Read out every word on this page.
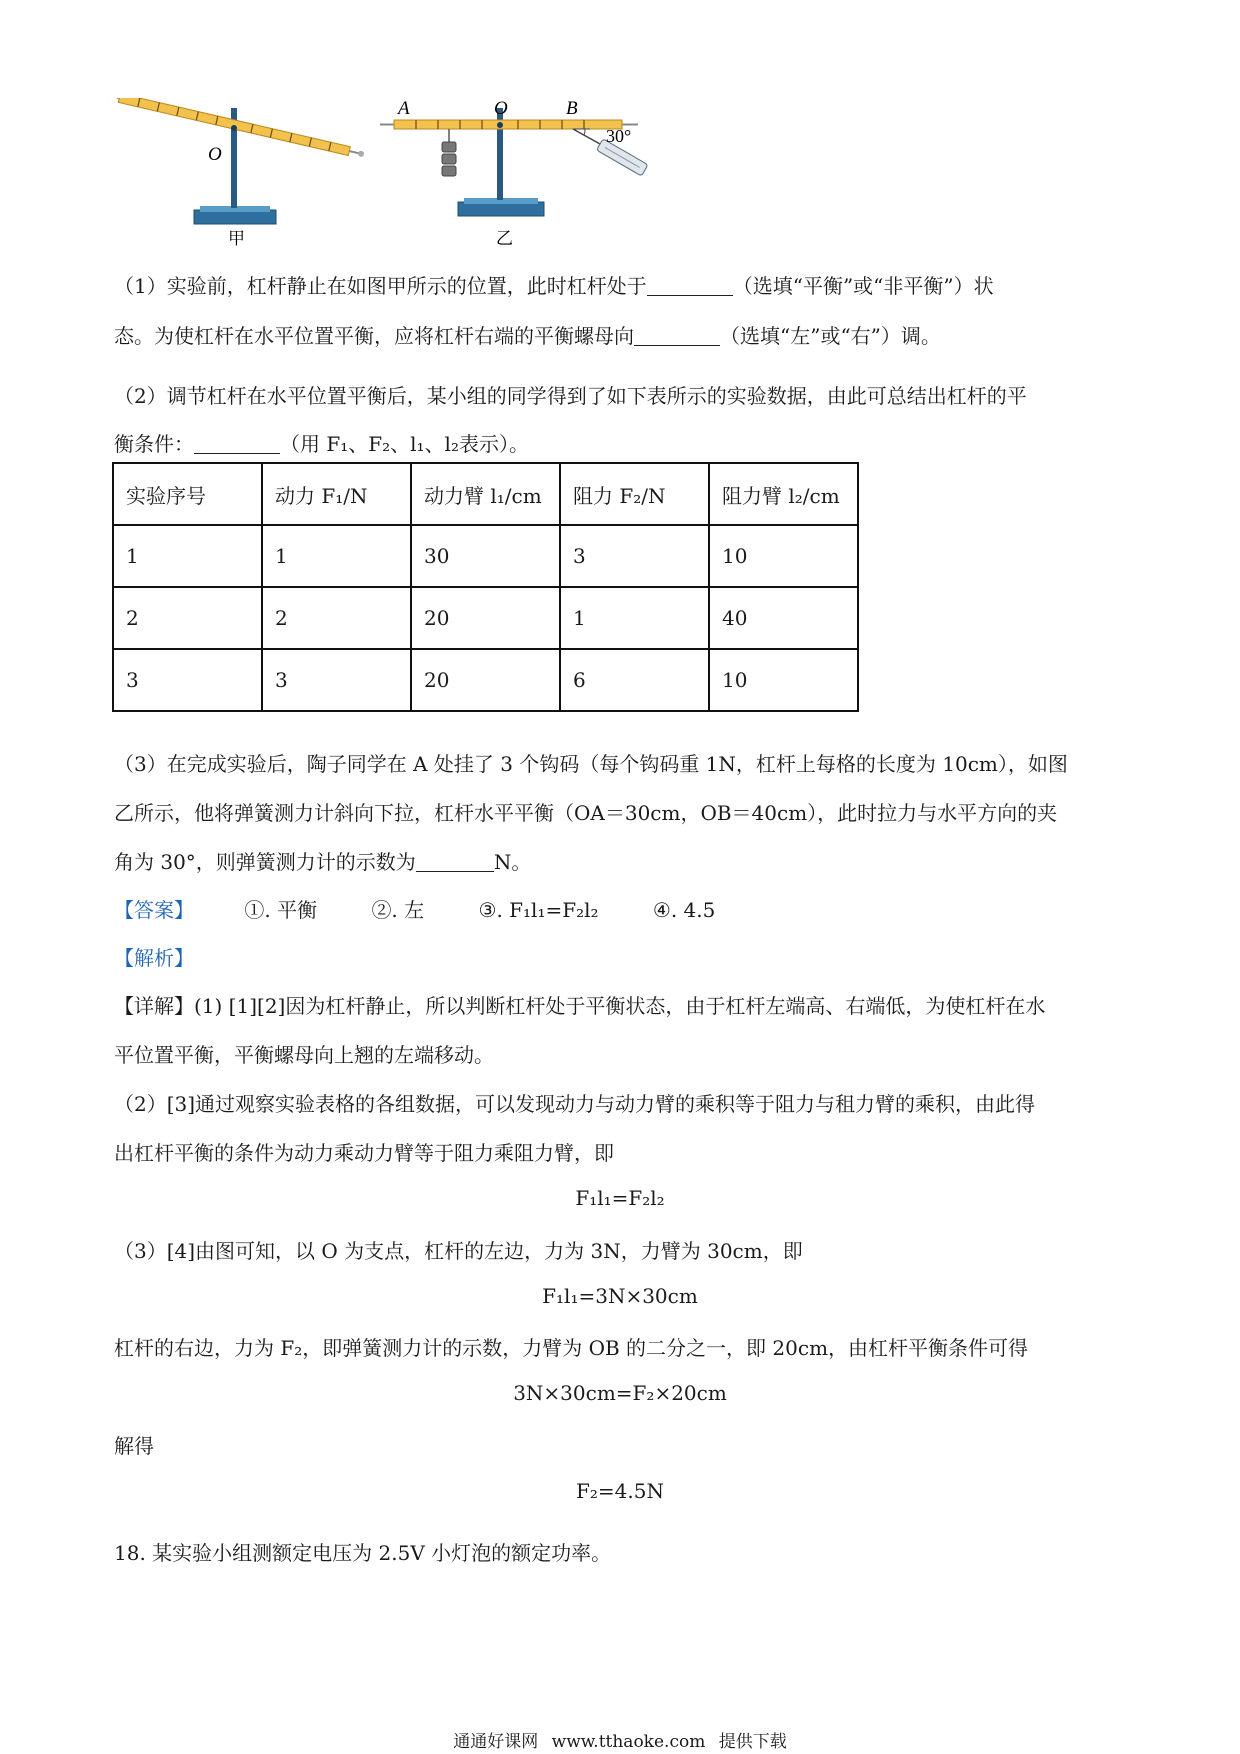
O
甲
A	O	B
30°
乙
（1）实验前，杠杆静止在如图甲所示的位置，此时杠杆处于	（选填“平衡”或“非平衡”）状
态。为使杠杆在水平位置平衡，应将杠杆右端的平衡螺母向	（选填“左”或“右”）调。
（2）调节杠杆在水平位置平衡后，某小组的同学得到了如下表所示的实验数据，由此可总结出杠杆的平
衡条件：	（用 F₁、F₂、l₁、l₂表示）。
实验序号	动力 F₁/N	动力臂 l₁/cm	阻力 F₂/N	阻力臂 l₂/cm
1	1	30	3	10
2	2	20	1	40
3	3	20	6	10
（3）在完成实验后，陶子同学在 A 处挂了 3 个钩码（每个钩码重 1N，杠杆上每格的长度为 10cm），如图
乙所示，他将弹簧测力计斜向下拉，杠杆水平平衡（OA＝30cm，OB＝40cm），此时拉力与水平方向的夹
角为 30°，则弹簧测力计的示数为	N。
【答案】	①. 平衡	②. 左	③. F₁l₁=F₂l₂	④. 4.5
【解析】
【详解】(1) [1][2]因为杠杆静止，所以判断杠杆处于平衡状态，由于杠杆左端高、右端低，为使杠杆在水
平位置平衡，平衡螺母向上翘的左端移动。
（2）[3]通过观察实验表格的各组数据，可以发现动力与动力臂的乘积等于阻力与租力臂的乘积，由此得
出杠杆平衡的条件为动力乘动力臂等于阻力乘阻力臂，即
F₁l₁=F₂l₂
（3）[4]由图可知，以 O 为支点，杠杆的左边，力为 3N，力臂为 30cm，即
F₁l₁=3N×30cm
杠杆的右边，力为 F₂，即弹簧测力计的示数，力臂为 OB 的二分之一，即 20cm，由杠杆平衡条件可得
3N×30cm=F₂×20cm
解得
F₂=4.5N
18. 某实验小组测额定电压为 2.5V 小灯泡的额定功率。
通通好课网 www.tthaoke.com 提供下载
